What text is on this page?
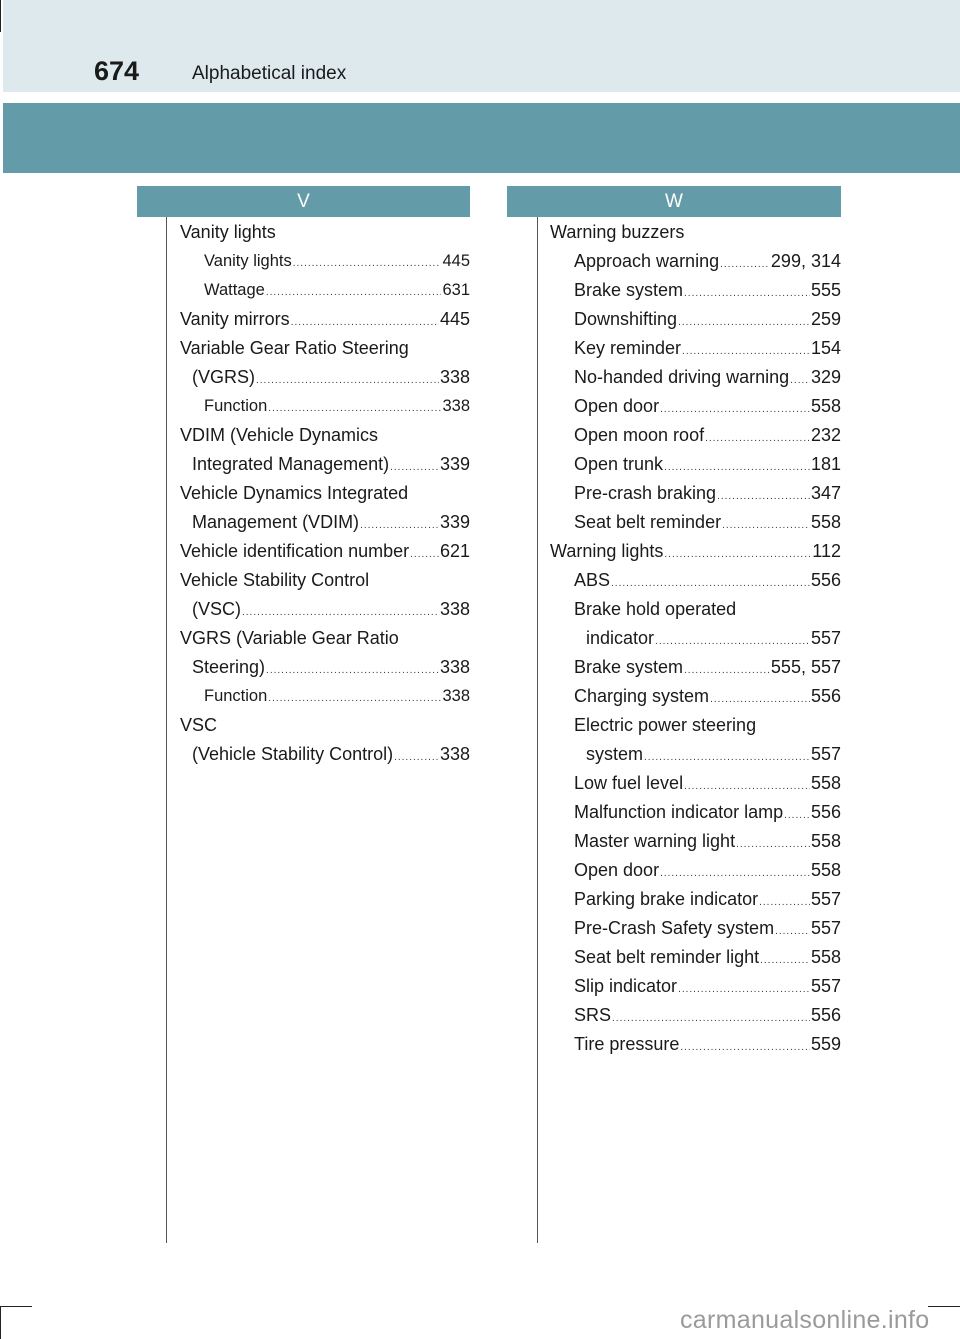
674	Alphabetical index
V	W
Vanity lights
Vanity lights .....	445
Wattage .....	631
Vanity mirrors .....	445
Variable Gear Ratio Steering
(VGRS) .....	338
Function .....	338
VDIM (Vehicle Dynamics
Integrated Management) .....	339
Vehicle Dynamics Integrated
Management (VDIM) .....	339
Vehicle identification number ..... 621
Vehicle Stability Control
(VSC) .....	338
VGRS (Variable Gear Ratio
Steering) .....	338
Function .....	338
VSC
(Vehicle Stability Control) .....	338
Warning buzzers
Approach warning .....	299, 314
Brake system .....	555
Downshifting .....	259
Key reminder .....	154
No-handed driving warning ..... 329
Open door .....	558
Open moon roof .....	232
Open trunk .....	181
Pre-crash braking .....	347
Seat belt reminder .....	558
Warning lights .....	112
ABS .....	556
Brake hold operated
indicator .....	557
Brake system .....	555, 557
Charging system .....	556
Electric power steering
system .....	557
Low fuel level .....	558
Malfunction indicator lamp ..... 556
Master warning light .....	558
Open door .....	558
Parking brake indicator .....	557
Pre-Crash Safety system ..... 557
Seat belt reminder light .....	558
Slip indicator .....	557
SRS .....	556
Tire pressure .....	559
carmanualsonline.info
